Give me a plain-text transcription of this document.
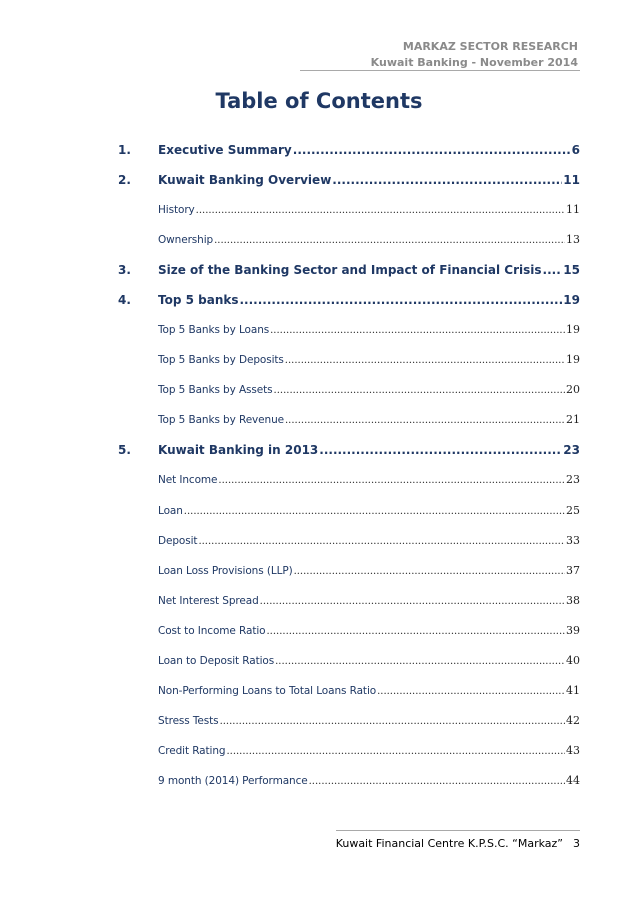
MARKAZ SECTOR RESEARCH
Kuwait Banking - November 2014
Table of Contents
1.	Executive Summary .....	6
2.	Kuwait Banking Overview .....	11
History .....	11
Ownership .....	13
3.	Size of the Banking Sector and Impact of Financial Crisis ..... 15
4.	Top 5 banks .....	19
Top 5 Banks by Loans .....	19
Top 5 Banks by Deposits .....	19
Top 5 Banks by Assets .....	20
Top 5 Banks by Revenue .....	21
5.	Kuwait Banking in 2013 .....	23
Net Income .....	23
Loan .....	25
Deposit .....	33
Loan Loss Provisions (LLP) .....	37
Net Interest Spread .....	38
Cost to Income Ratio .....	39
Loan to Deposit Ratios .....	40
Non-Performing Loans to Total Loans Ratio .....	41
Stress Tests .....	42
Credit Rating .....	43
9 month (2014) Performance .....	44
Kuwait Financial Centre K.P.S.C. “Markaz” 3
